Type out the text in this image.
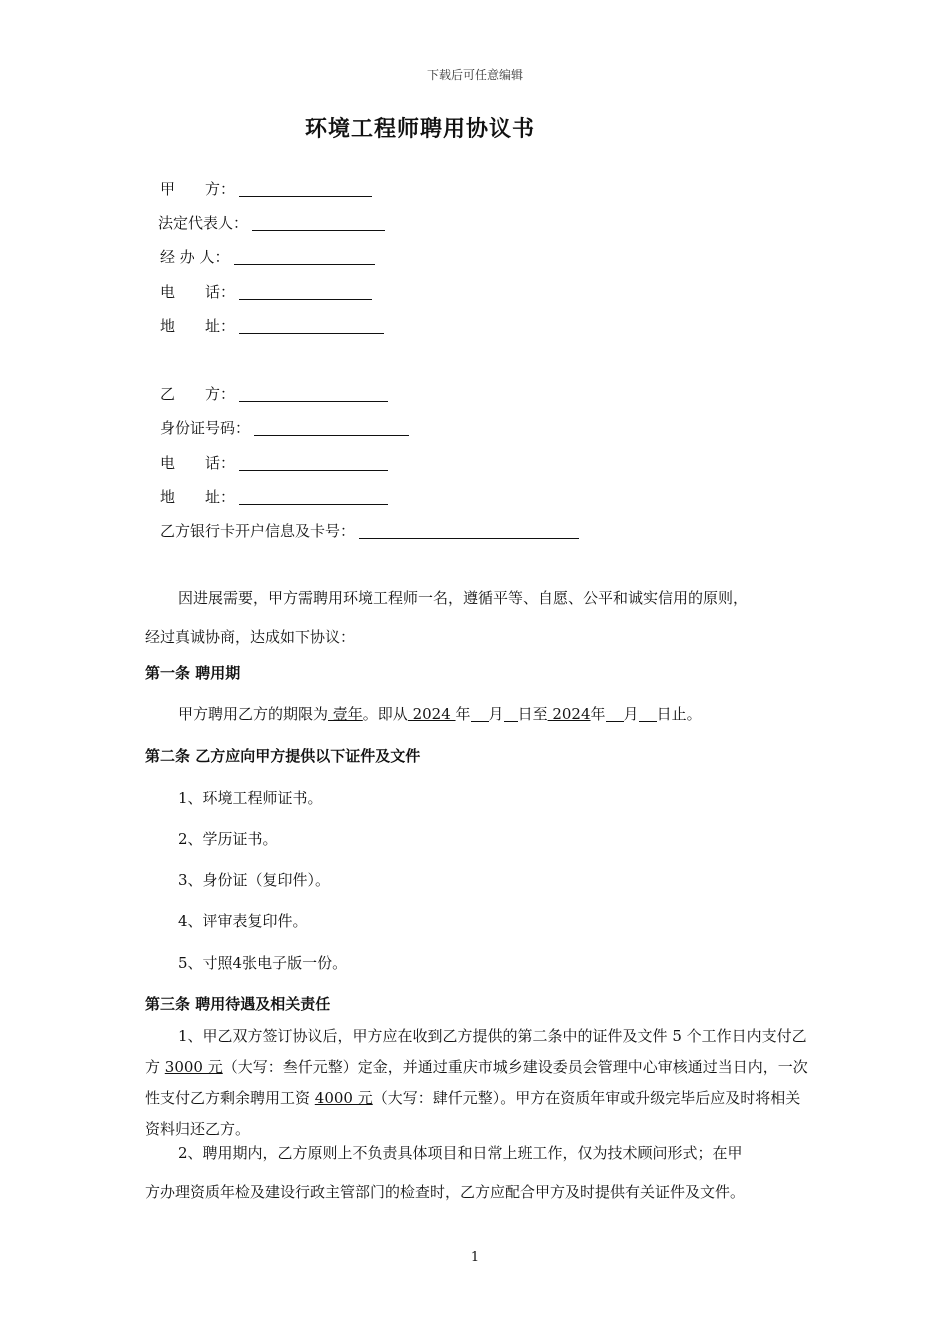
下载后可任意编辑
环境工程师聘用协议书
甲　　方：
法定代表人：
经 办 人：
电　　话：
地　　址：
乙　　方：
身份证号码：
电　　话：
地　　址：
乙方银行卡开户信息及卡号：
因进展需要，甲方需聘用环境工程师一名，遵循平等、自愿、公平和诚实信用的原则，
经过真诚协商，达成如下协议：
第一条 聘用期
甲方聘用乙方的期限为 壹年。即从 2024 年 月 日至 2024年 月 日止。
第二条 乙方应向甲方提供以下证件及文件
1、环境工程师证书。
2、学历证书。
3、身份证（复印件）。
4、评审表复印件。
5、寸照4张电子版一份。
第三条 聘用待遇及相关责任
1、甲乙双方签订协议后，甲方应在收到乙方提供的第二条中的证件及文件 5 个工作日内支付乙方 3000 元（大写：叁仟元整）定金，并通过重庆市城乡建设委员会管理中心审核通过当日内，一次性支付乙方剩余聘用工资 4000 元（大写：肆仟元整）。甲方在资质年审或升级完毕后应及时将相关资料归还乙方。
2、聘用期内，乙方原则上不负责具体项目和日常上班工作，仅为技术顾问形式；在甲
方办理资质年检及建设行政主管部门的检查时，乙方应配合甲方及时提供有关证件及文件。
1
